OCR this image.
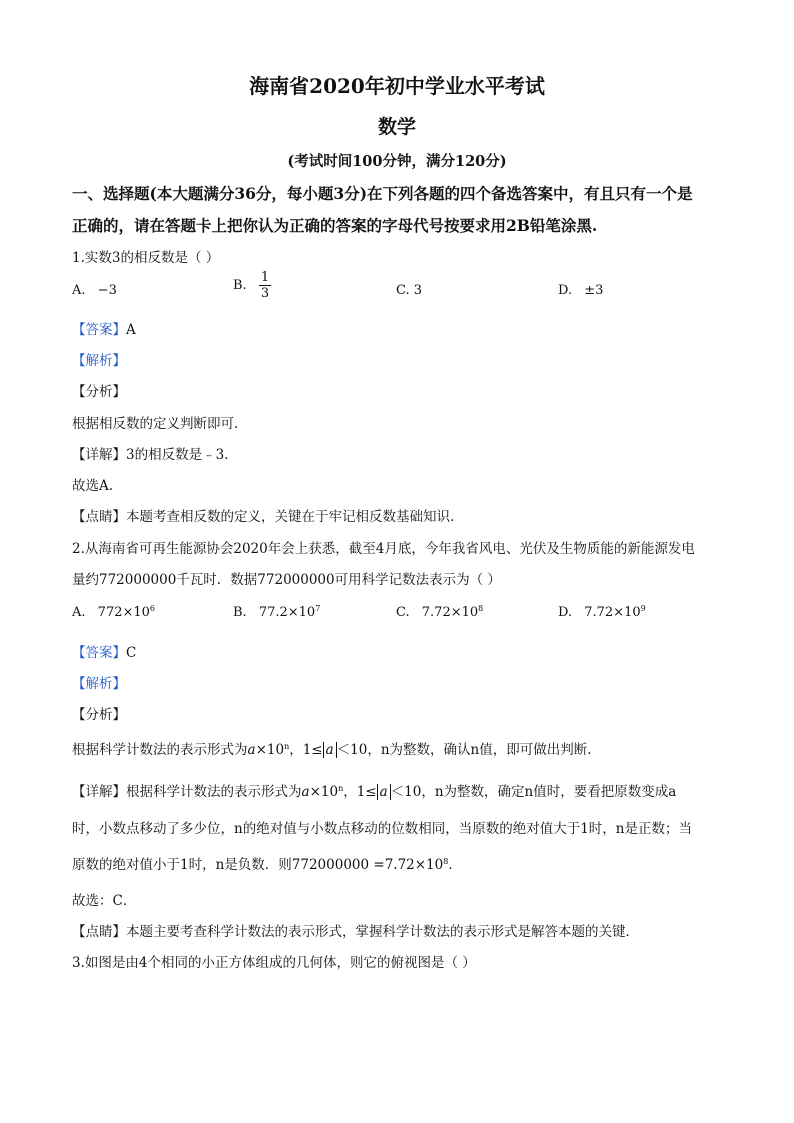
海南省2020年初中学业水平考试
数学
(考试时间100分钟，满分120分)
一、选择题(本大题满分36分，每小题3分)在下列各题的四个备选答案中，有且只有一个是
正确的，请在答题卡上把你认为正确的答案的字母代号按要求用2B铅笔涂黑.
1.实数3的相反数是（ ）
A. −3	B. $\frac{1}{3}$	C. 3	D. ±3
【答案】A
【解析】
【分析】
根据相反数的定义判断即可.
【详解】3的相反数是﹣3.
故选A.
【点睛】本题考查相反数的定义，关键在于牢记相反数基础知识.
2.从海南省可再生能源协会2020年会上获悉，截至4月底，今年我省风电、光伏及生物质能的新能源发电
量约772000000千瓦时．数据772000000可用科学记数法表示为（ ）
A. $772\times 10^6$	B. $77.2\times 10^7$	C. $7.72\times 10^8$	D. $7.72\times 10^9$
【答案】C
【解析】
【分析】
根据科学计数法的表示形式为$a\times 10^n$，1≤ a ＜10，n为整数，确认n值，即可做出判断.
【详解】根据科学计数法的表示形式为$a\times 10^n$，1≤ a ＜10，n为整数，确定n值时，要看把原数变成a
时，小数点移动了多少位，n的绝对值与小数点移动的位数相同，当原数的绝对值大于1时，n是正数；当
原数的绝对值小于1时，n是负数．则$772000000 =7.72\times 10^8$．
故选：C．
【点睛】本题主要考查科学计数法的表示形式，掌握科学计数法的表示形式是解答本题的关键．
3.如图是由4个相同的小正方体组成的几何体，则它的俯视图是（ ）
